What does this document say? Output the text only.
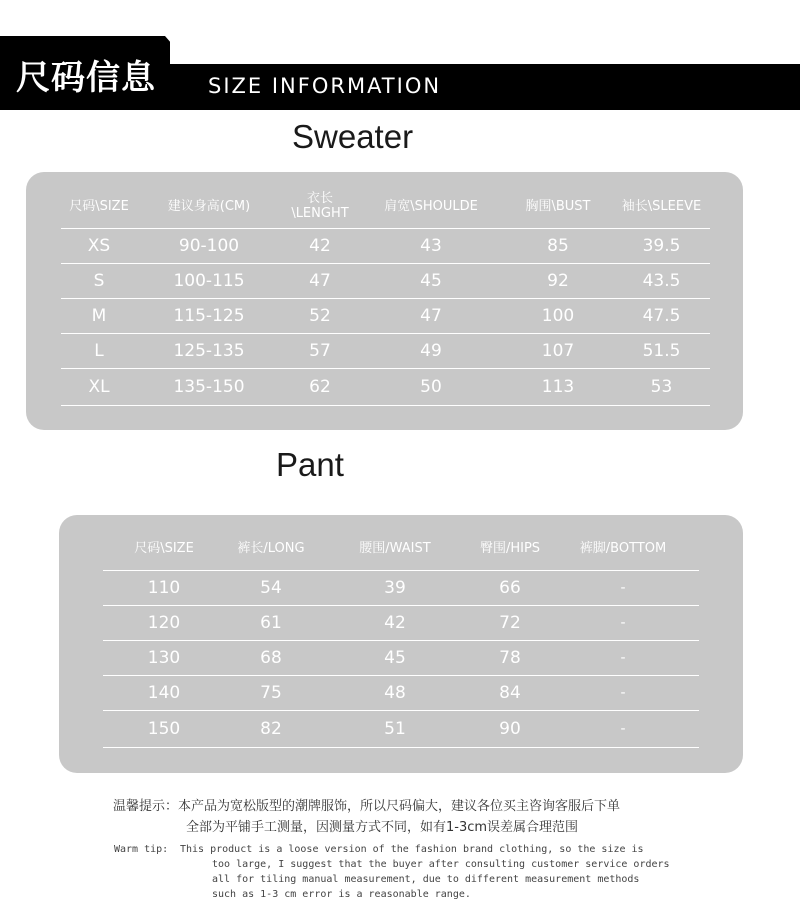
尺码信息 SIZE INFORMATION
Sweater
尺码\SIZE	建议身高(CM)	衣长\LENGHT	肩宽\SHOULDE	胸围\BUST	袖长\SLEEVE
XS	90-100	42	43	85	39.5
S	100-115	47	45	92	43.5
M	115-125	52	47	100	47.5
L	125-135	57	49	107	51.5
XL	135-150	62	50	113	53
Pant
尺码\SIZE	裤长/LONG	腰围/WAIST	臀围/HIPS	裤脚/BOTTOM
110	54	39	66	-
120	61	42	72	-
130	68	45	78	-
140	75	48	84	-
150	82	51	90	-
温馨提示：本产品为宽松版型的潮牌服饰，所以尺码偏大，建议各位买主咨询客服后下单
全部为平铺手工测量，因测量方式不同，如有1-3cm误差属合理范围
Warm tip: This product is a loose version of the fashion brand clothing, so the size is
too large, I suggest that the buyer after consulting customer service orders
all for tiling manual measurement, due to different measurement methods
such as 1-3 cm error is a reasonable range.
